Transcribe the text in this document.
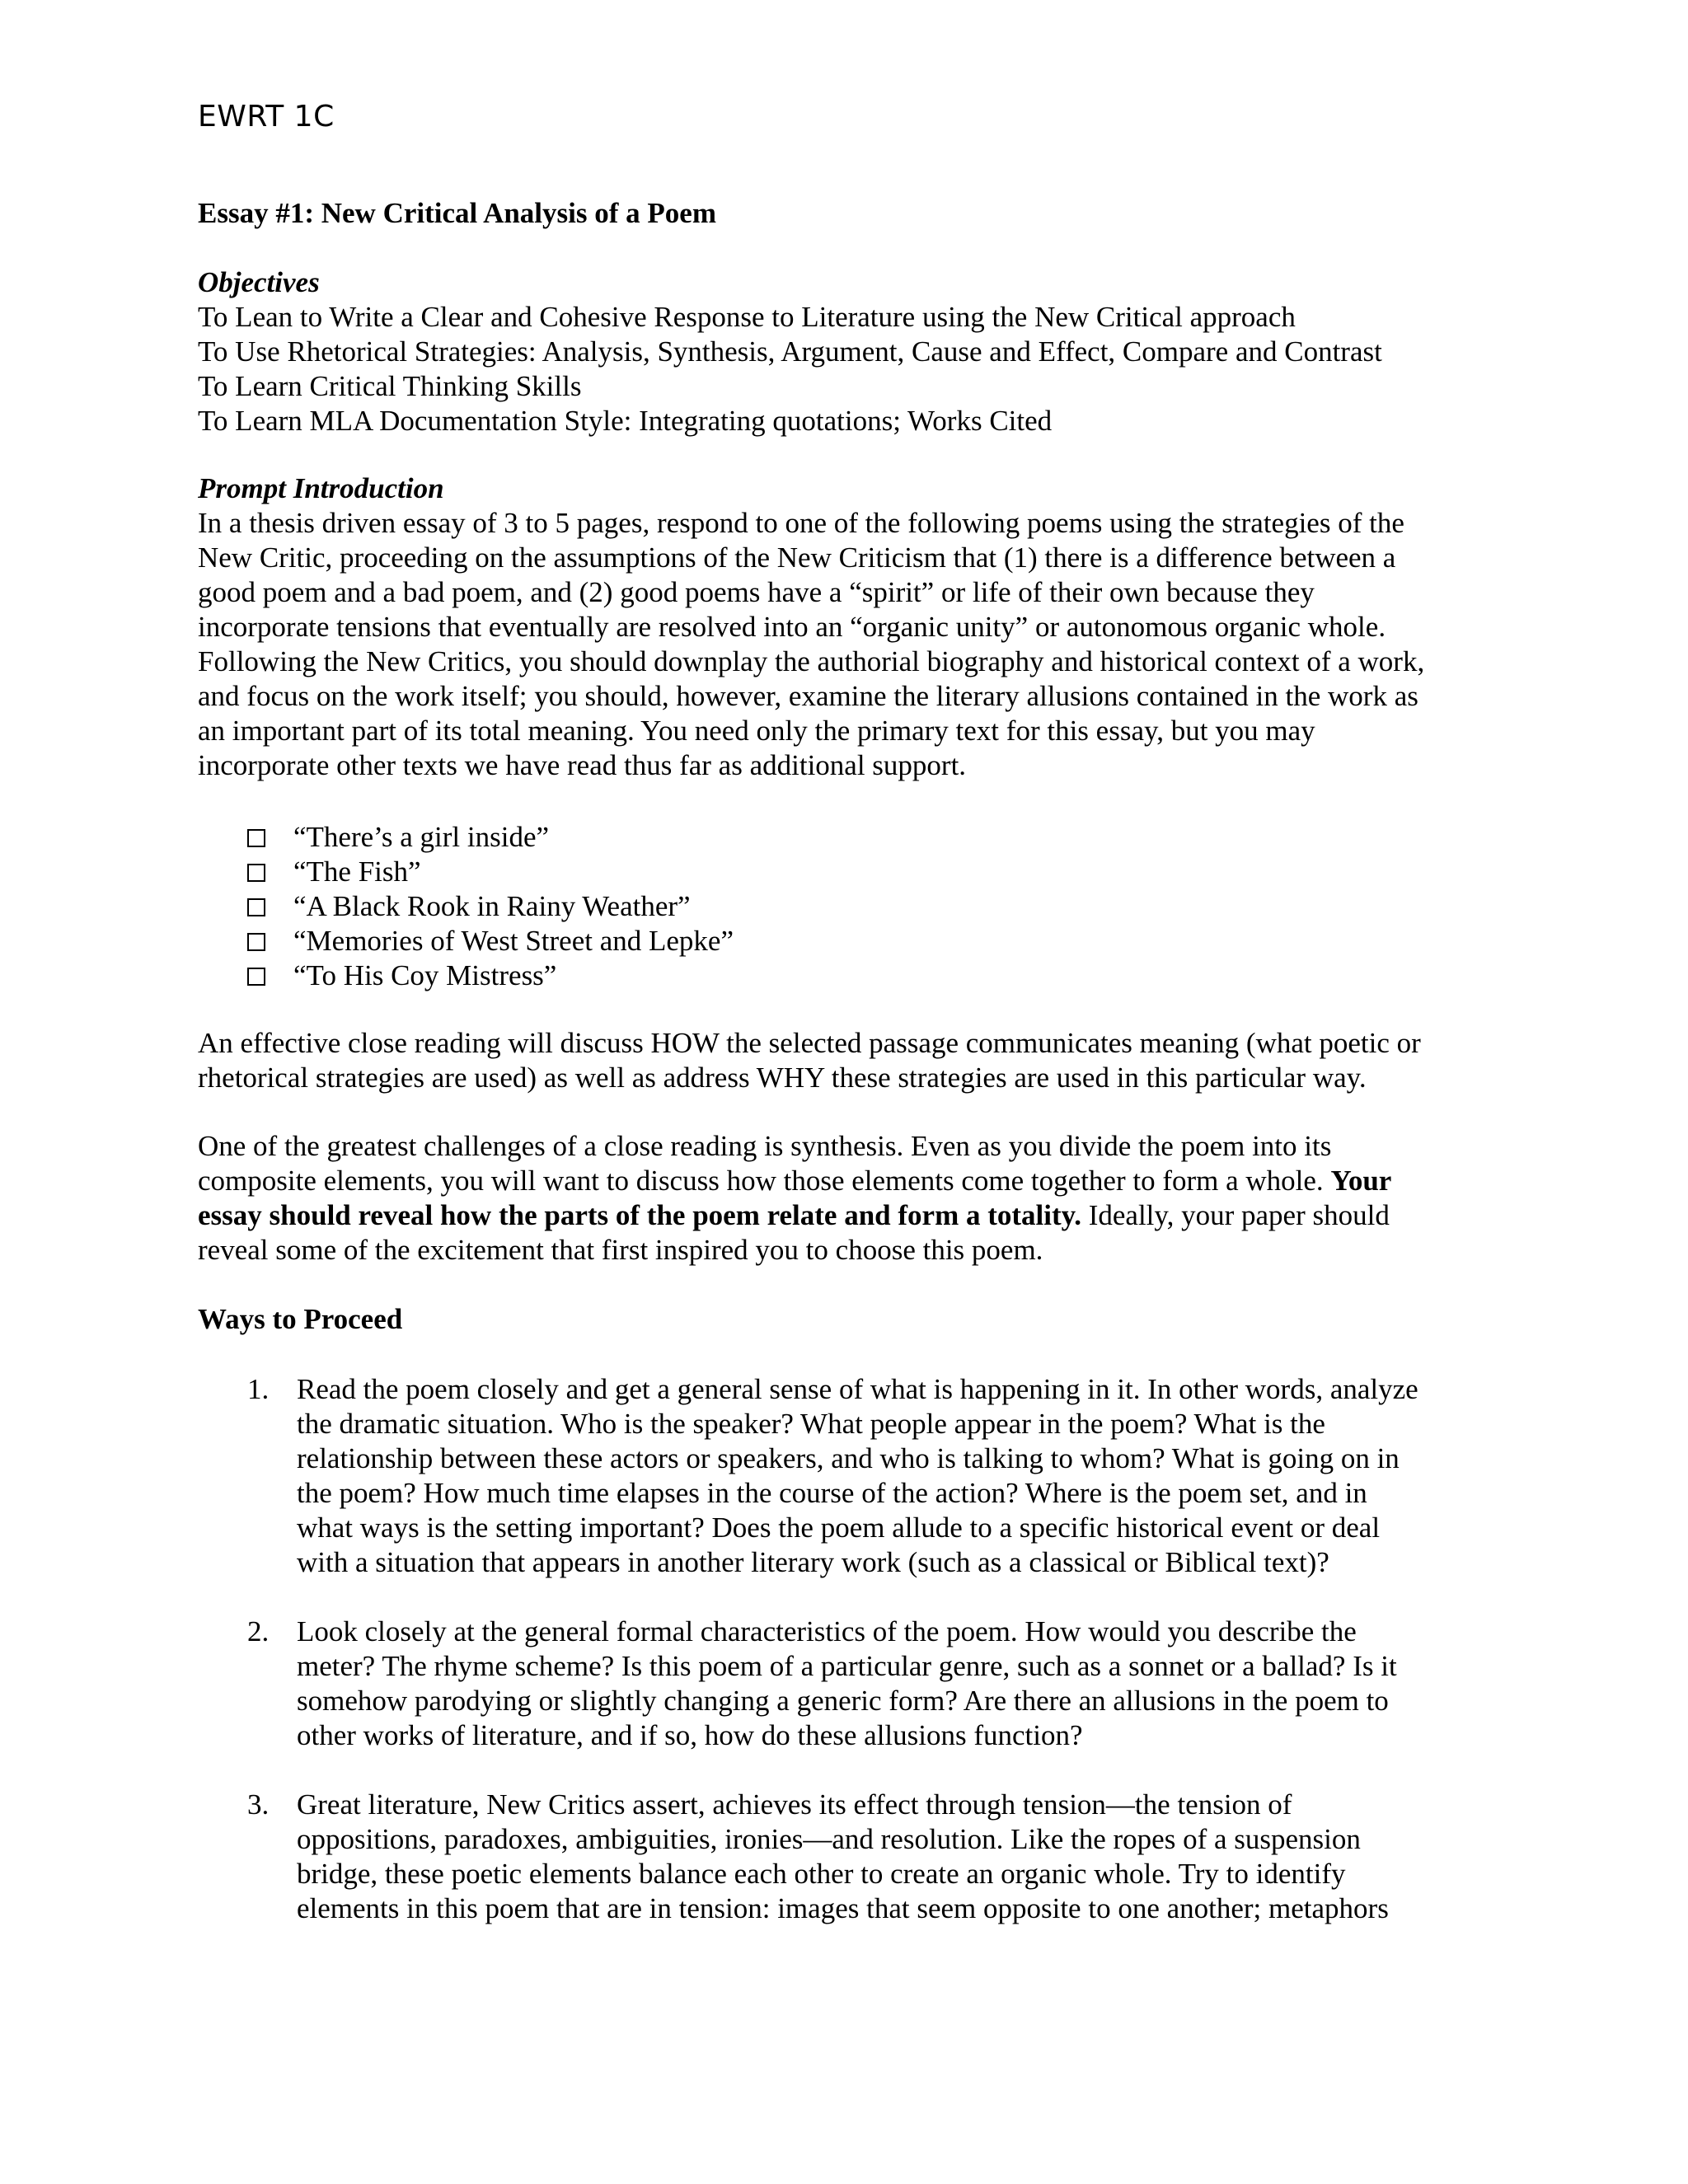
EWRT 1C
Essay #1: New Critical Analysis of a Poem
Objectives
To Lean to Write a Clear and Cohesive Response to Literature using the New Critical approach
To Use Rhetorical Strategies: Analysis, Synthesis, Argument, Cause and Effect, Compare and Contrast
To Learn Critical Thinking Skills
To Learn MLA Documentation Style: Integrating quotations; Works Cited
Prompt Introduction
In a thesis driven essay of 3 to 5 pages, respond to one of the following poems using the strategies of the
New Critic, proceeding on the assumptions of the New Criticism that (1) there is a difference between a
good poem and a bad poem, and (2) good poems have a “spirit” or life of their own because they
incorporate tensions that eventually are resolved into an “organic unity” or autonomous organic whole.
Following the New Critics, you should downplay the authorial biography and historical context of a work,
and focus on the work itself; you should, however, examine the literary allusions contained in the work as
an important part of its total meaning. You need only the primary text for this essay, but you may
incorporate other texts we have read thus far as additional support.
“There’s a girl inside”
“The Fish”
“A Black Rook in Rainy Weather”
“Memories of West Street and Lepke”
“To His Coy Mistress”
An effective close reading will discuss HOW the selected passage communicates meaning (what poetic or
rhetorical strategies are used) as well as address WHY these strategies are used in this particular way.
One of the greatest challenges of a close reading is synthesis. Even as you divide the poem into its
composite elements, you will want to discuss how those elements come together to form a whole. Your
essay should reveal how the parts of the poem relate and form a totality. Ideally, your paper should
reveal some of the excitement that first inspired you to choose this poem.
Ways to Proceed
1. Read the poem closely and get a general sense of what is happening in it. In other words, analyze
the dramatic situation. Who is the speaker? What people appear in the poem? What is the
relationship between these actors or speakers, and who is talking to whom? What is going on in
the poem? How much time elapses in the course of the action? Where is the poem set, and in
what ways is the setting important? Does the poem allude to a specific historical event or deal
with a situation that appears in another literary work (such as a classical or Biblical text)?
2. Look closely at the general formal characteristics of the poem. How would you describe the
meter? The rhyme scheme? Is this poem of a particular genre, such as a sonnet or a ballad? Is it
somehow parodying or slightly changing a generic form? Are there an allusions in the poem to
other works of literature, and if so, how do these allusions function?
3. Great literature, New Critics assert, achieves its effect through tension—the tension of
oppositions, paradoxes, ambiguities, ironies—and resolution. Like the ropes of a suspension
bridge, these poetic elements balance each other to create an organic whole. Try to identify
elements in this poem that are in tension: images that seem opposite to one another; metaphors
